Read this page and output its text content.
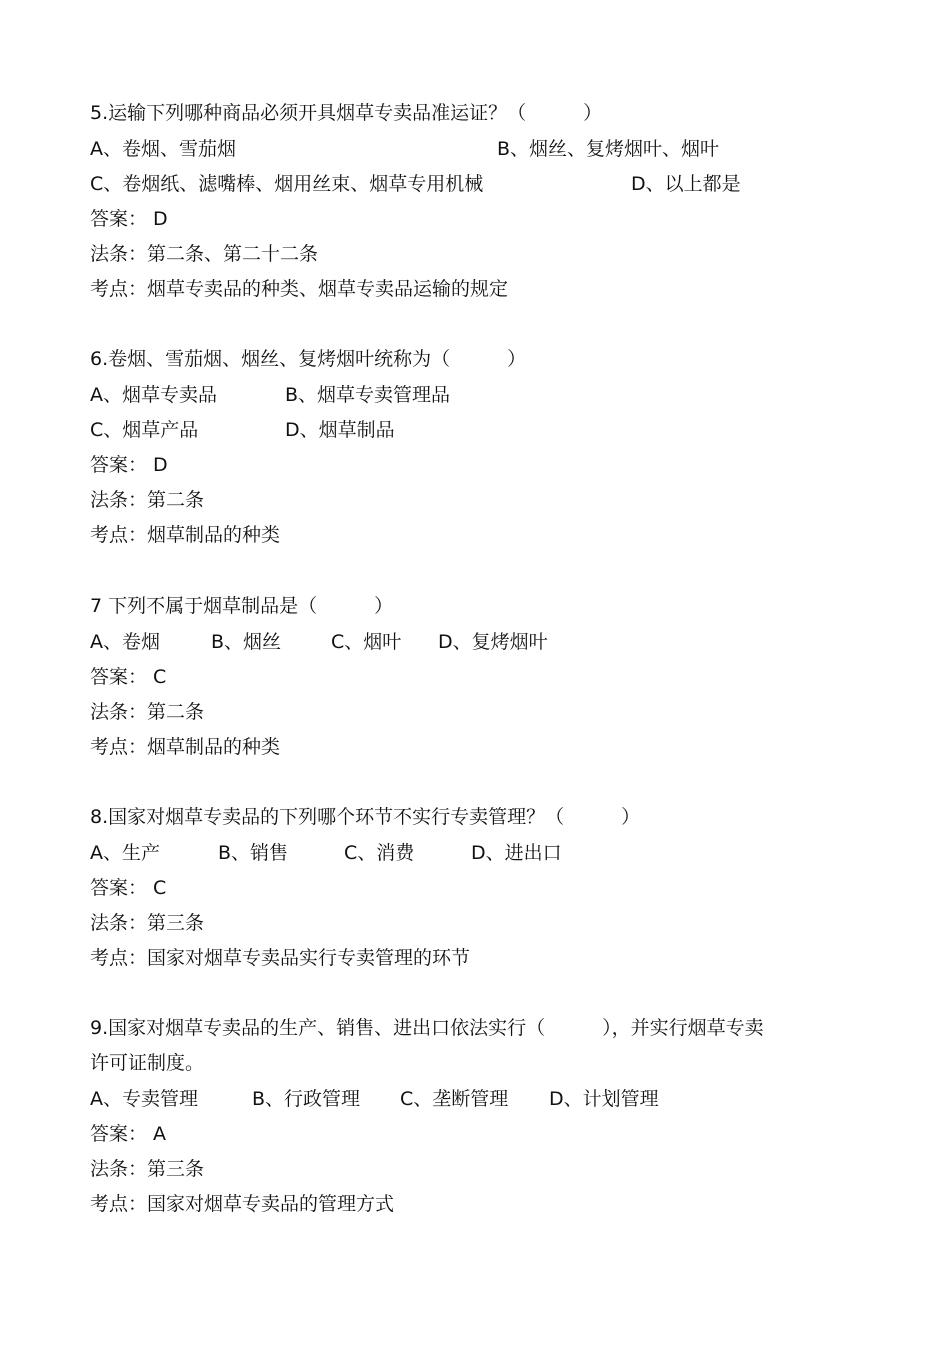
5.运输下列哪种商品必须开具烟草专卖品准运证？（　　　）
A、卷烟、雪茄烟	B、烟丝、复烤烟叶、烟叶
C、卷烟纸、滤嘴棒、烟用丝束、烟草专用机械	D、以上都是
答案： D
法条：第二条、第二十二条
考点：烟草专卖品的种类、烟草专卖品运输的规定
6.卷烟、雪茄烟、烟丝、复烤烟叶统称为（　　　）
A、烟草专卖品	B、烟草专卖管理品
C、烟草产品	D、烟草制品
答案： D
法条：第二条
考点：烟草制品的种类
7 下列不属于烟草制品是（　　　）
A、卷烟	B、烟丝	C、烟叶 D、复烤烟叶
答案： C
法条：第二条
考点：烟草制品的种类
8.国家对烟草专卖品的下列哪个环节不实行专卖管理？（　　　）
A、生产	B、销售	C、消费	D、进出口
答案： C
法条：第三条
考点：国家对烟草专卖品实行专卖管理的环节
9.国家对烟草专卖品的生产、销售、进出口依法实行（　　　），并实行烟草专卖
许可证制度。
A、专卖管理	B、行政管理 C、垄断管理 D、计划管理
答案： A
法条：第三条
考点：国家对烟草专卖品的管理方式
